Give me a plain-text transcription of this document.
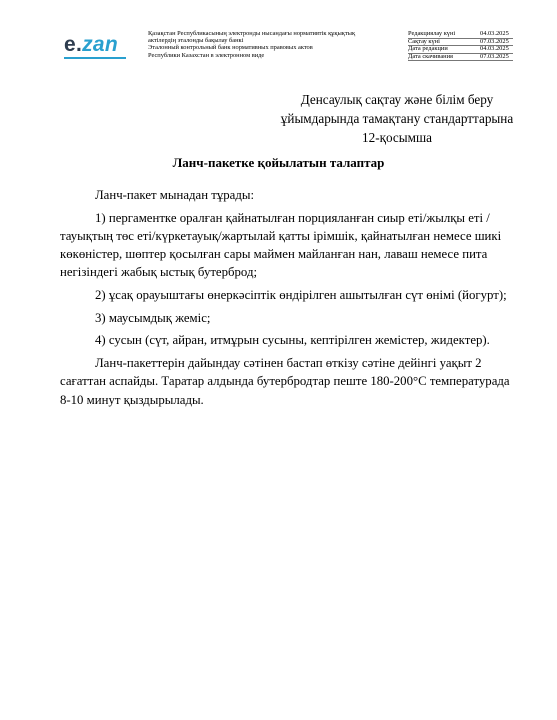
e.zan	Қазақстан Республикасының электронды нысандағы нормативтік құқықтық
актілердің эталонды бақылау банкі
Эталонный контрольный банк нормативных правовых актов
Республики Казахстан в электронном виде
Редакциялау күні	04.03.2025
Сақтау күні	07.03.2025
Дата редакции	04.03.2025
Дата скачивания	07.03.2025
Денсаулық сақтау және білім беру
ұйымдарында тамақтану стандарттарына
12-қосымша
Ланч-пакетке қойылатын талаптар

Ланч-пакет мынадан тұрады:

1) пергаментке оралған қайнатылған порцияланған сиыр еті/жылқы еті /тауықтың төс еті/күркетауық/жартылай қатты ірімшік, қайнатылған немесе шикі көкөністер, шөптер қосылған сары маймен майланған нан, лаваш немесе пита негізіндегі жабық ыстық бутерброд;

2) ұсақ орауыштағы өнеркәсіптік өндірілген ашытылған сүт өнімі (йогурт);

3) маусымдық жеміс;

4) сусын (сүт, айран, итмұрын сусыны, кептірілген жемістер, жидектер).

Ланч-пакеттерін дайындау сәтінен бастап өткізу сәтіне дейінгі уақыт 2 сағаттан аспайды. Таратар алдында бутербродтар пеште 180-200°С температурада 8-10 минут қыздырылады.
